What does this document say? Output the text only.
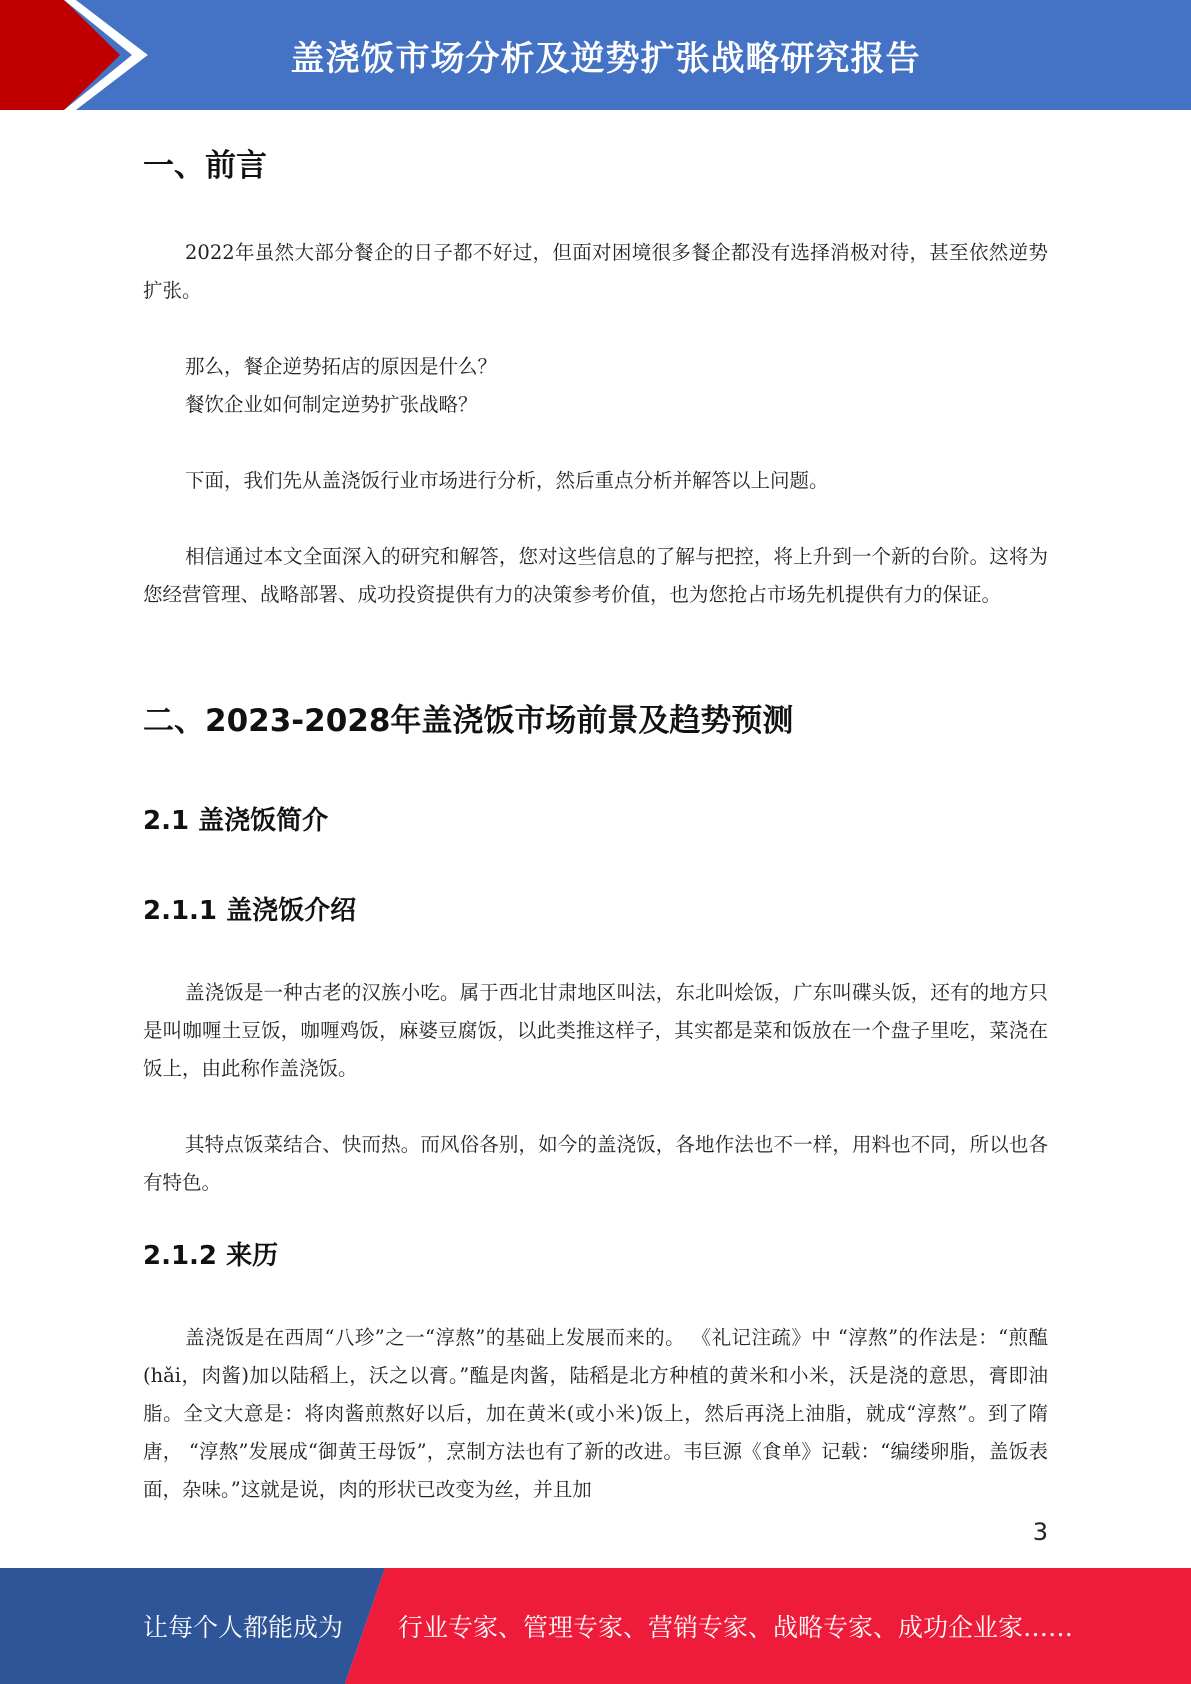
盖浇饭市场分析及逆势扩张战略研究报告
一、前言

2022年虽然大部分餐企的日子都不好过，但面对困境很多餐企都没有选择消极对待，甚至依然逆势扩张。

那么，餐企逆势拓店的原因是什么？

餐饮企业如何制定逆势扩张战略？

下面，我们先从盖浇饭行业市场进行分析，然后重点分析并解答以上问题。

相信通过本文全面深入的研究和解答，您对这些信息的了解与把控，将上升到一个新的台阶。这将为您经营管理、战略部署、成功投资提供有力的决策参考价值，也为您抢占市场先机提供有力的保证。

二、2023-2028年盖浇饭市场前景及趋势预测
2.1 盖浇饭简介
2.1.1 盖浇饭介绍

盖浇饭是一种古老的汉族小吃。属于西北甘肃地区叫法，东北叫烩饭，广东叫碟头饭，还有的地方只是叫咖喱土豆饭，咖喱鸡饭，麻婆豆腐饭，以此类推这样子，其实都是菜和饭放在一个盘子里吃，菜浇在饭上，由此称作盖浇饭。

其特点饭菜结合、快而热。而风俗各别，如今的盖浇饭，各地作法也不一样，用料也不同，所以也各有特色。

2.1.2 来历

盖浇饭是在西周“八珍”之一“淳熬”的基础上发展而来的。 《礼记注疏》中 “淳熬”的作法是：“煎醢(hǎi，肉酱)加以陆稻上，沃之以膏。”醢是肉酱，陆稻是北方种植的黄米和小米，沃是浇的意思，膏即油脂。全文大意是：将肉酱煎熬好以后，加在黄米(或小米)饭上，然后再浇上油脂，就成“淳熬”。到了隋唐， “淳熬”发展成“御黄王母饭”，烹制方法也有了新的改进。韦巨源《食单》记载：“编缕卵脂，盖饭表面，杂味。”这就是说，肉的形状已改变为丝，并且加

3
让每个人都能成为 行业专家、管理专家、营销专家、战略专家、成功企业家……
